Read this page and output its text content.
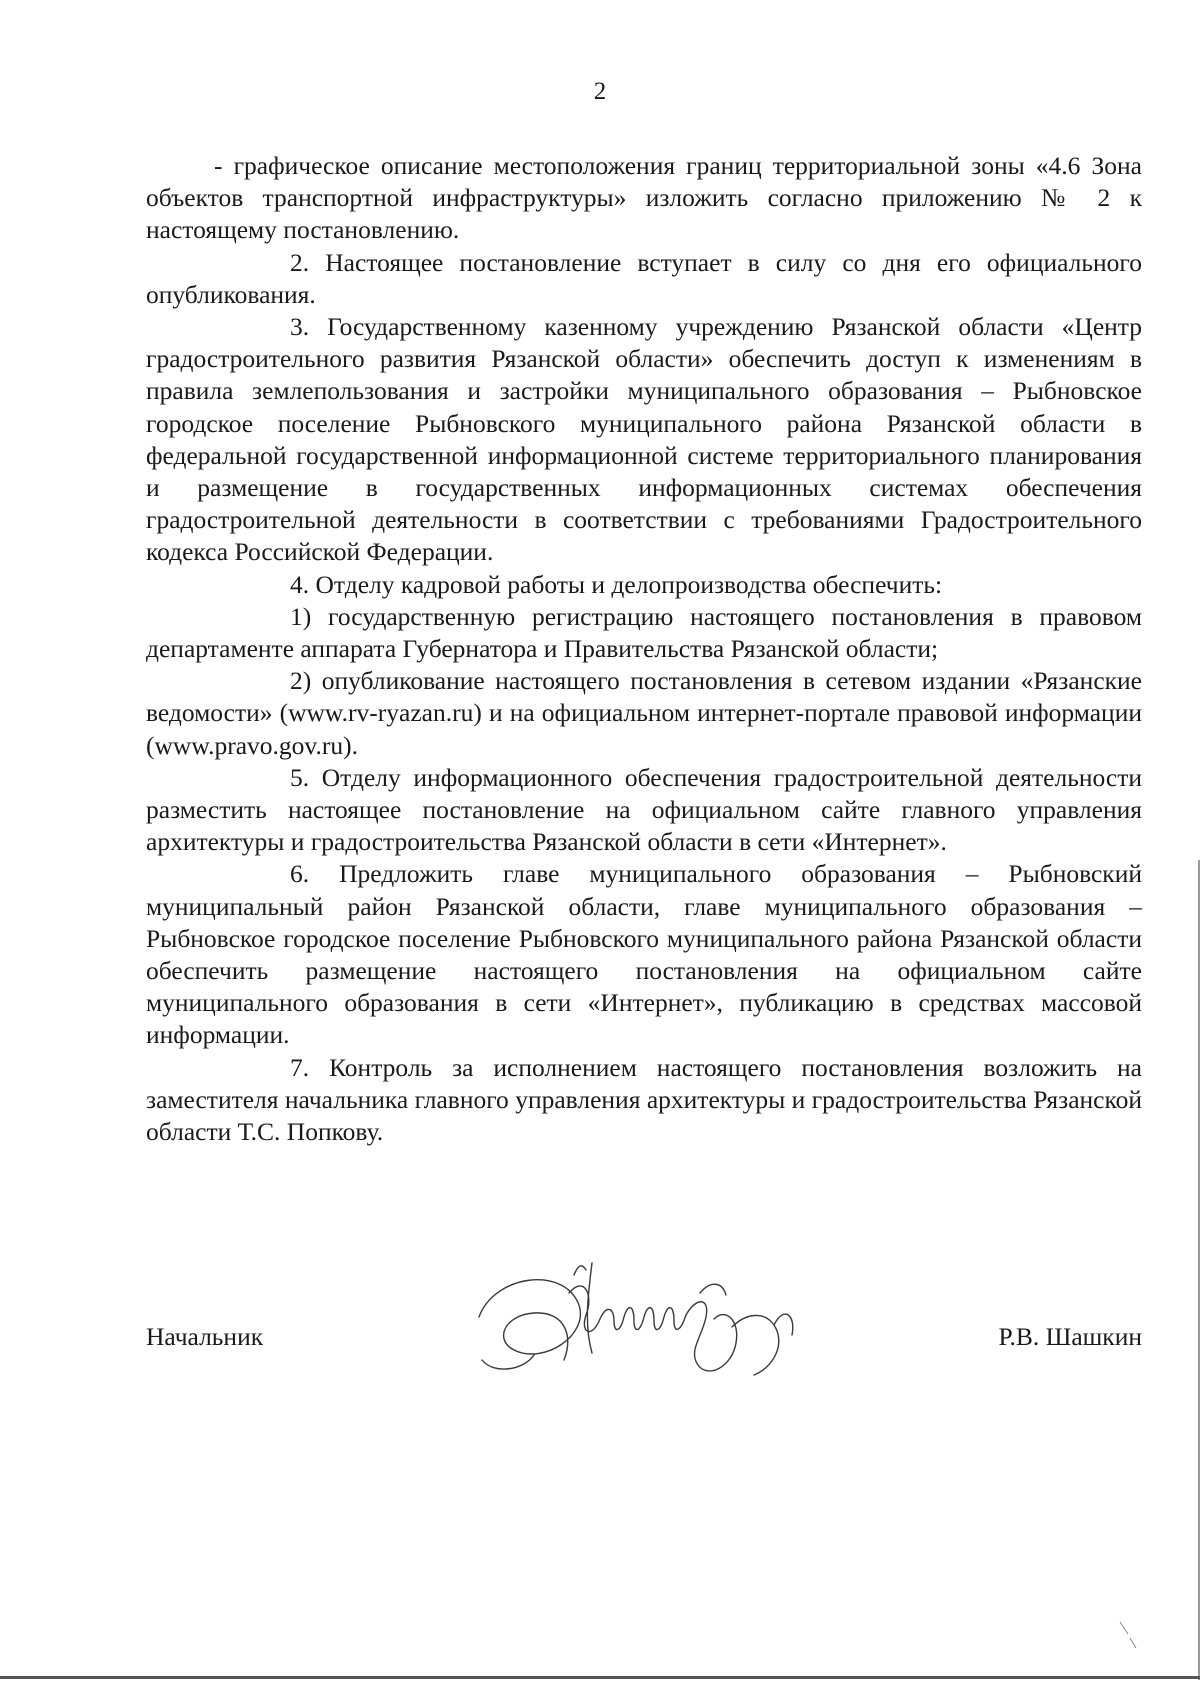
2

- графическое описание местоположения границ территориальной зоны «4.6 Зона объектов транспортной инфраструктуры» изложить согласно приложению № 2 к настоящему постановлению.

2. Настоящее постановление вступает в силу со дня его официального опубликования.

3. Государственному казенному учреждению Рязанской области «Центр градостроительного развития Рязанской области» обеспечить доступ к изменениям в правила землепользования и застройки муниципального образования – Рыбновское городское поселение Рыбновского муниципального района Рязанской области в федеральной государственной информационной системе территориального планирования и размещение в государственных информационных системах обеспечения градостроительной деятельности в соответствии с требованиями Градостроительного кодекса Российской Федерации.

4. Отделу кадровой работы и делопроизводства обеспечить:

1) государственную регистрацию настоящего постановления в правовом департаменте аппарата Губернатора и Правительства Рязанской области;

2) опубликование настоящего постановления в сетевом издании «Рязанские ведомости» (www.rv-ryazan.ru) и на официальном интернет-портале правовой информации (www.pravo.gov.ru).

5. Отделу информационного обеспечения градостроительной деятельности разместить настоящее постановление на официальном сайте главного управления архитектуры и градостроительства Рязанской области в сети «Интернет».

6. Предложить главе муниципального образования – Рыбновский муниципальный район Рязанской области, главе муниципального образования – Рыбновское городское поселение Рыбновского муниципального района Рязанской области обеспечить размещение настоящего постановления на официальном сайте муниципального образования в сети «Интернет», публикацию в средствах массовой информации.

7. Контроль за исполнением настоящего постановления возложить на заместителя начальника главного управления архитектуры и градостроительства Рязанской области Т.С. Попкову.

Начальник	Р.В. Шашкин
